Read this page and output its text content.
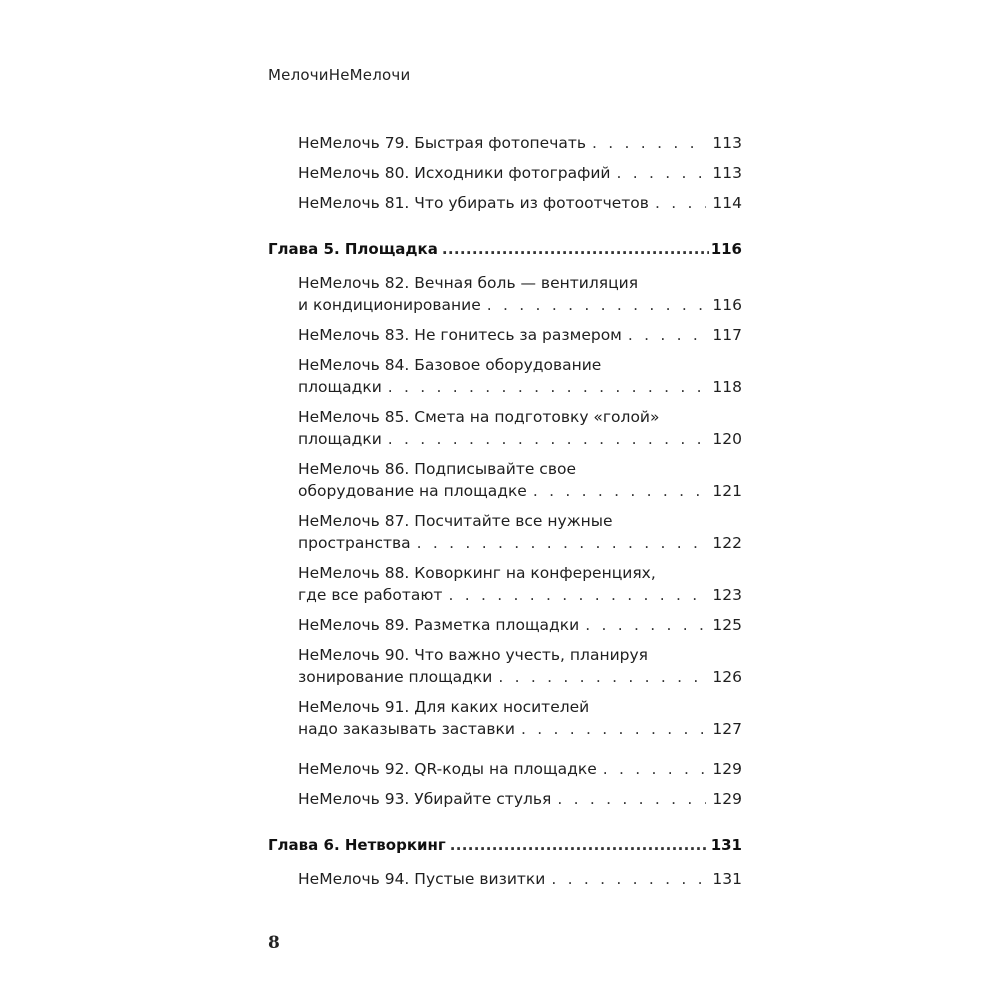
МелочиНеМелочи
НеМелочь 79. Быстрая фотопечать . . .	113
НеМелочь 80. Исходники фотографий . . .	113
НеМелочь 81. Что убирать из фотоотчетов . . .	114
Глава 5. Площадка .....	116
НеМелочь 82. Вечная боль — вентиляция
и кондиционирование . . .	116
НеМелочь 83. Не гонитесь за размером . . .	117
НеМелочь 84. Базовое оборудование
площадки . . .	118
НеМелочь 85. Смета на подготовку «голой»
площадки . . .	120
НеМелочь 86. Подписывайте свое
оборудование на площадке . . .	121
НеМелочь 87. Посчитайте все нужные
пространства . . .	122
НеМелочь 88. Коворкинг на конференциях,
где все работают . . .	123
НеМелочь 89. Разметка площадки . . .	125
НеМелочь 90. Что важно учесть, планируя
зонирование площадки . . .	126
НеМелочь 91. Для каких носителей
надо заказывать заставки . . .	127
НеМелочь 92. QR-коды на площадке . . .	129
НеМелочь 93. Убирайте стулья . . .	129
Глава 6. Нетворкинг .....	131
НеМелочь 94. Пустые визитки . . .	131
8
